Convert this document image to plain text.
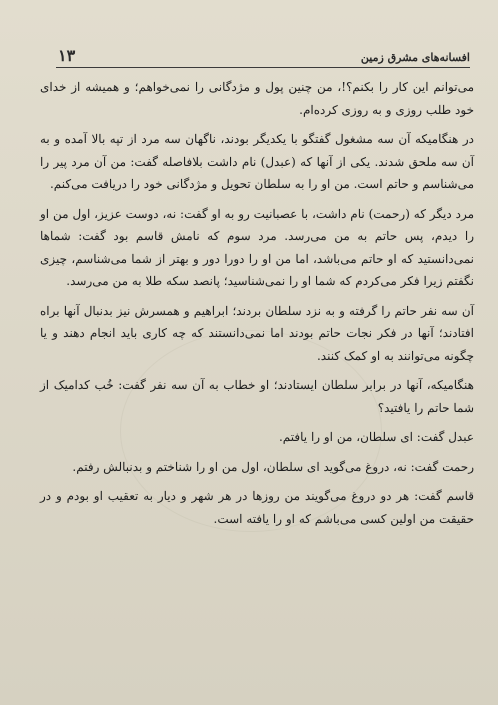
افسانه‌های مشرق زمین
۱۳

می‌توانم این کار را بکنم؟!، من چنین پول و مژدگانی را نمی‌خواهم؛ و همیشه از خدای خود طلب روزی و به روزی کرده‌ام.

در هنگامیکه آن سه مشغول گفتگو با یکدیگر بودند، ناگهان سه مرد از تپه بالا آمده و به آن سه ملحق شدند. یکی از آنها که (عبدل) نام داشت بلافاصله گفت: من آن مرد پیر را می‌شناسم و حاتم است. من او را به سلطان تحویل و مژدگانی خود را دریافت می‌کنم.

مرد دیگر که (رحمت) نام داشت، با عصبانیت رو به او گفت: نه، دوست عزیز، اول من او را دیدم، پس حاتم به من می‌رسد. مرد سوم که نامش قاسم بود گفت: شماها نمی‌دانستید که او حاتم می‌باشد، اما من او را دورا دور و بهتر از شما می‌شناسم، چیزی نگفتم زیرا فکر می‌کردم که شما او را نمی‌شناسید؛ پانصد سکه طلا به من می‌رسد.

آن سه نفر حاتم را گرفته و به نزد سلطان بردند؛ ابراهیم و همسرش نیز بدنبال آنها براه افتادند؛ آنها در فکر نجات حاتم بودند اما نمی‌دانستند که چه کاری باید انجام دهند و یا چگونه می‌توانند به او کمک کنند.

هنگامیکه، آنها در برابر سلطان ایستادند؛ او خطاب به آن سه نفر گفت: خُب کدامیک از شما حاتم را یافتید؟

عبدل گفت: ای سلطان، من او را یافتم.

رحمت گفت: نه، دروغ می‌گوید ای سلطان، اول من او را شناختم و بدنبالش رفتم.

قاسم گفت: هر دو دروغ می‌گویند من روزها در هر شهر و دیار به تعقیب او بودم و در حقیقت من اولین کسی می‌باشم که او را یافته است.
